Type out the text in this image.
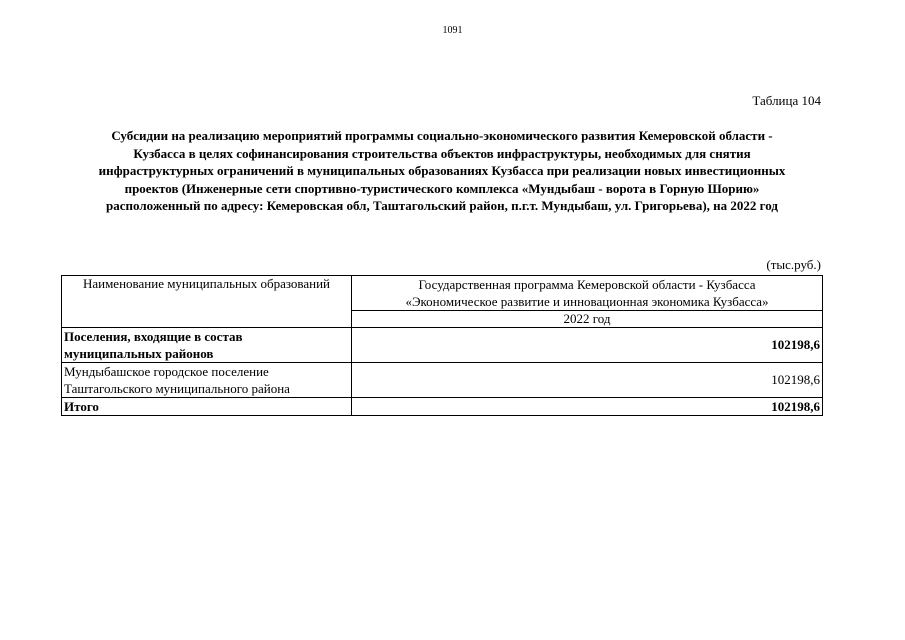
1091
Таблица 104
Субсидии на реализацию мероприятий программы социально-экономического развития Кемеровской области -
Кузбасса в целях софинансирования строительства объектов инфраструктуры, необходимых для снятия
инфраструктурных ограничений в муниципальных образованиях Кузбасса при реализации новых инвестиционных
проектов (Инженерные сети спортивно-туристического комплекса «Мундыбаш - ворота в Горную Шорию»
расположенный по адресу: Кемеровская обл, Таштагольский район, п.г.т. Мундыбаш, ул. Григорьева), на 2022 год
(тыс.руб.)
Наименование муниципальных образований	Государственная программа Кемеровской области - Кузбасса
«Экономическое развитие и инновационная экономика Кузбасса»

	2022 год

Поселения, входящие в состав
муниципальных районов	102198,6

Мундыбашское городское поселение
Таштагольского муниципального района	102198,6

Итого	102198,6
